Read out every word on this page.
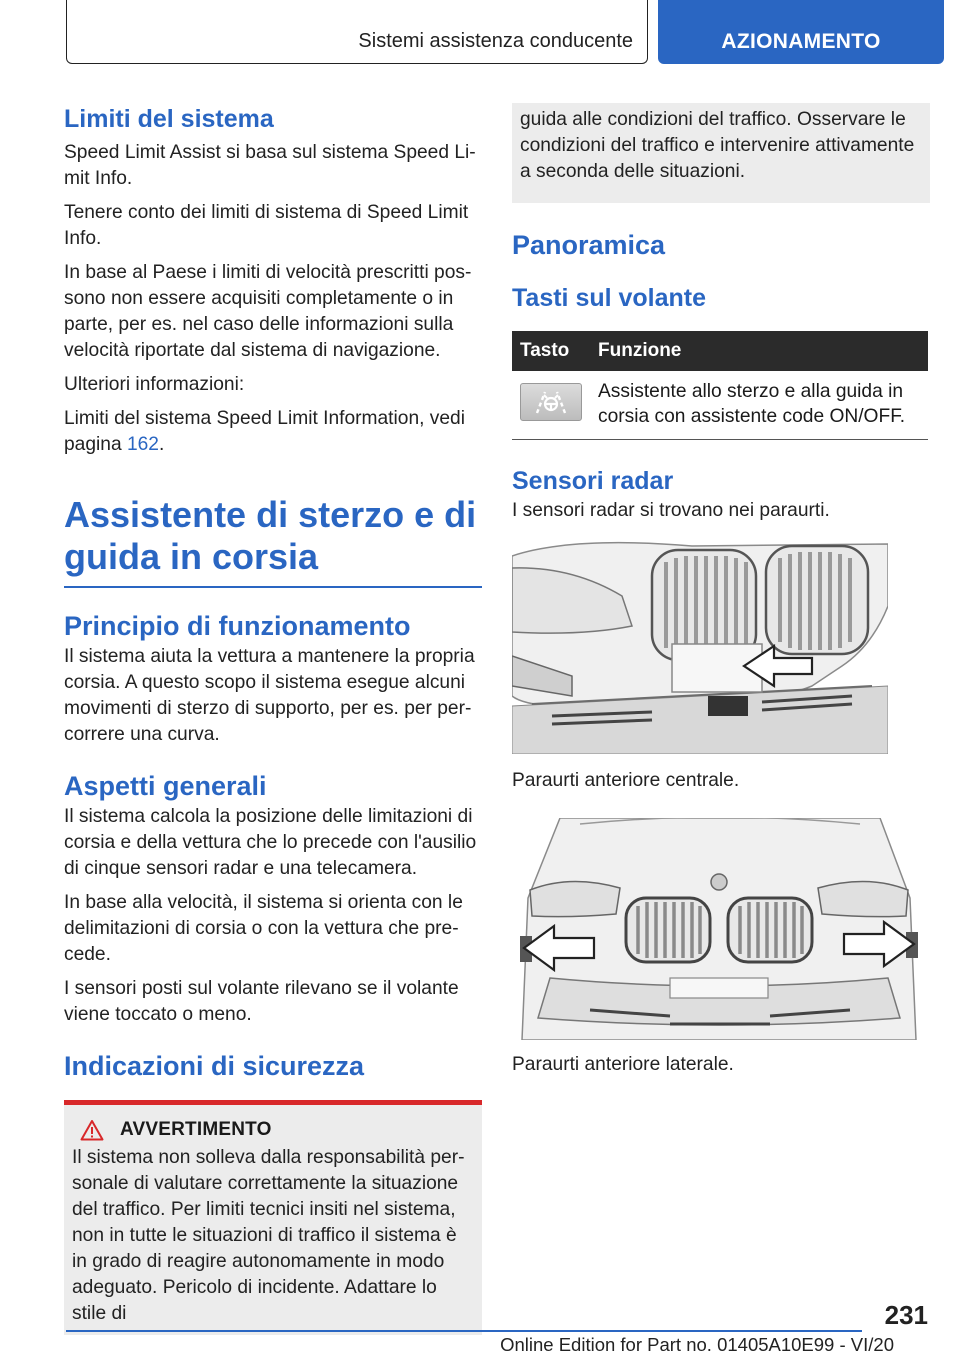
Sistemi assistenza conducente	AZIONAMENTO
Limiti del sistema

Speed Limit Assist si basa sul sistema Speed Limit Info.

Tenere conto dei limiti di sistema di Speed Limit Info.

In base al Paese i limiti di velocità prescritti possono non essere acquisiti completamente o in parte, per es. nel caso delle informazioni sulla velocità riportate dal sistema di navigazione.

Ulteriori informazioni:

Limiti del sistema Speed Limit Information, vedi pagina 162.

Assistente di sterzo e di guida in corsia
Principio di funzionamento

Il sistema aiuta la vettura a mantenere la propria corsia. A questo scopo il sistema esegue alcuni movimenti di sterzo di supporto, per es. per percorrere una curva.

Aspetti generali

Il sistema calcola la posizione delle limitazioni di corsia e della vettura che lo precede con l'ausilio di cinque sensori radar e una telecamera.

In base alla velocità, il sistema si orienta con le delimitazioni di corsia o con la vettura che precede.

I sensori posti sul volante rilevano se il volante viene toccato o meno.

Indicazioni di sicurezza
AVVERTIMENTO

Il sistema non solleva dalla responsabilità personale di valutare correttamente la situazione del traffico. Per limiti tecnici insiti nel sistema, non in tutte le situazioni di traffico il sistema è in grado di reagire autonomamente in modo adeguato. Pericolo di incidente. Adattare lo stile di

guida alle condizioni del traffico. Osservare le condizioni del traffico e intervenire attivamente a seconda delle situazioni.

Panoramica
Tasti sul volante
Tasto	Funzione

	Assistente allo sterzo e alla guida in corsia con assistente code ON/OFF.
Sensori radar

I sensori radar si trovano nei paraurti.

Paraurti anteriore centrale.

Paraurti anteriore laterale.

231
Online Edition for Part no. 01405A10E99 - VI/20
